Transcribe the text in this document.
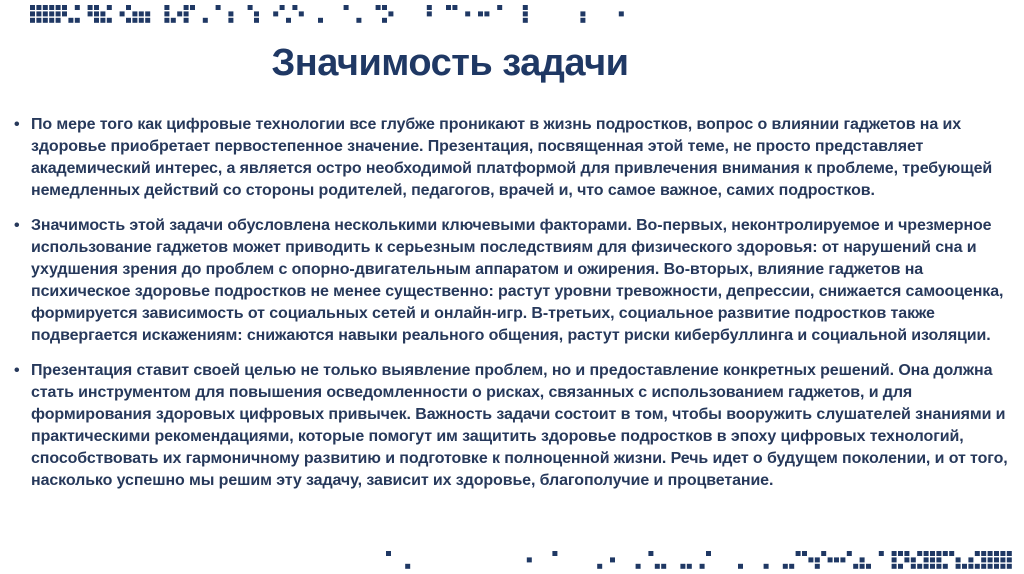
Значимость задачи
• По мере того как цифровые технологии все глубже проникают в жизнь подростков, вопрос о влиянии гаджетов на их здоровье приобретает первостепенное значение. Презентация, посвященная этой теме, не просто представляет академический интерес, а является остро необходимой платформой для привлечения внимания к проблеме, требующей немедленных действий со стороны родителей, педагогов, врачей и, что самое важное, самих подростков.
• Значимость этой задачи обусловлена несколькими ключевыми факторами. Во-первых, неконтролируемое и чрезмерное использование гаджетов может приводить к серьезным последствиям для физического здоровья: от нарушений сна и ухудшения зрения до проблем с опорно-двигательным аппаратом и ожирения. Во-вторых, влияние гаджетов на психическое здоровье подростков не менее существенно: растут уровни тревожности, депрессии, снижается самооценка, формируется зависимость от социальных сетей и онлайн-игр. В-третьих, социальное развитие подростков также подвергается искажениям: снижаются навыки реального общения, растут риски кибербуллинга и социальной изоляции.
• Презентация ставит своей целью не только выявление проблем, но и предоставление конкретных решений. Она должна стать инструментом для повышения осведомленности о рисках, связанных с использованием гаджетов, и для формирования здоровых цифровых привычек. Важность задачи состоит в том, чтобы вооружить слушателей знаниями и практическими рекомендациями, которые помогут им защитить здоровье подростков в эпоху цифровых технологий, способствовать их гармоничному развитию и подготовке к полноценной жизни. Речь идет о будущем поколении, и от того, насколько успешно мы решим эту задачу, зависит их здоровье, благополучие и процветание.
